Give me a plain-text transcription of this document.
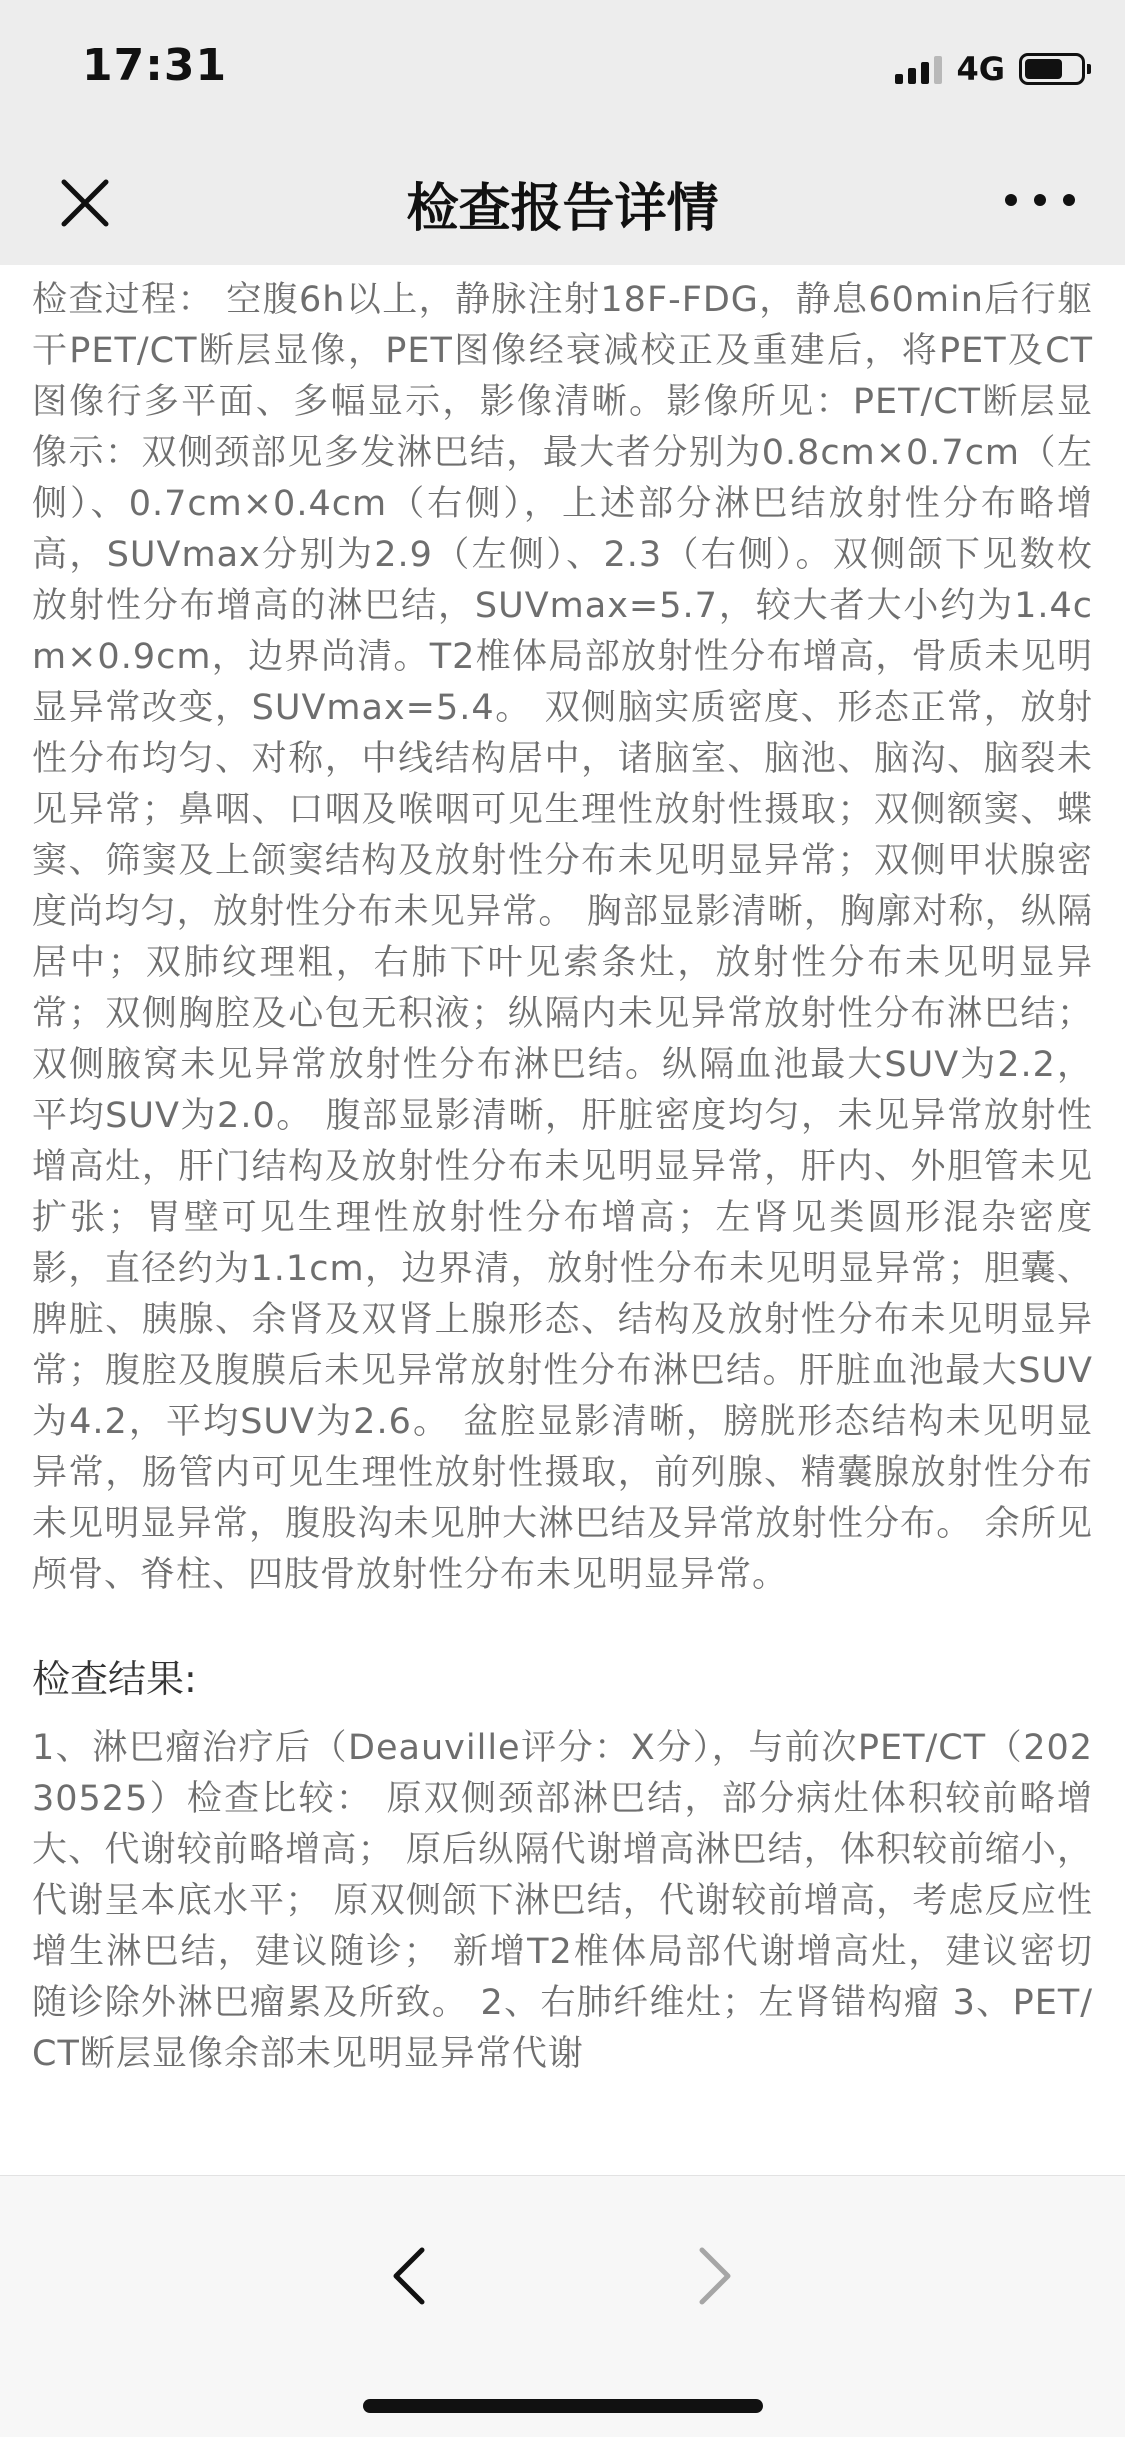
17:31	4G
检查报告详情

检查过程： 空腹6h以上，静脉注射18F-FDG，静息60min后行躯干PET/CT断层显像，PET图像经衰减校正及重建后，将PET及CT图像行多平面、多幅显示，影像清晰。影像所见：PET/CT断层显像示：双侧颈部见多发淋巴结，最大者分别为0.8cm×0.7cm（左侧）、0.7cm×0.4cm（右侧），上述部分淋巴结放射性分布略增高，SUVmax分别为2.9（左侧）、2.3（右侧）。双侧颌下见数枚放射性分布增高的淋巴结，SUVmax=5.7，较大者大小约为1.4cm×0.9cm，边界尚清。T2椎体局部放射性分布增高，骨质未见明显异常改变，SUVmax=5.4。 双侧脑实质密度、形态正常，放射性分布均匀、对称，中线结构居中，诸脑室、脑池、脑沟、脑裂未见异常；鼻咽、口咽及喉咽可见生理性放射性摄取；双侧额窦、蝶窦、筛窦及上颌窦结构及放射性分布未见明显异常；双侧甲状腺密度尚均匀，放射性分布未见异常。 胸部显影清晰，胸廓对称，纵隔居中；双肺纹理粗，右肺下叶见索条灶，放射性分布未见明显异常；双侧胸腔及心包无积液；纵隔内未见异常放射性分布淋巴结；双侧腋窝未见异常放射性分布淋巴结。纵隔血池最大SUV为2.2，平均SUV为2.0。 腹部显影清晰，肝脏密度均匀，未见异常放射性增高灶，肝门结构及放射性分布未见明显异常，肝内、外胆管未见扩张；胃壁可见生理性放射性分布增高；左肾见类圆形混杂密度影，直径约为1.1cm，边界清，放射性分布未见明显异常；胆囊、脾脏、胰腺、余肾及双肾上腺形态、结构及放射性分布未见明显异常；腹腔及腹膜后未见异常放射性分布淋巴结。肝脏血池最大SUV为4.2，平均SUV为2.6。 盆腔显影清晰，膀胱形态结构未见明显异常，肠管内可见生理性放射性摄取，前列腺、精囊腺放射性分布未见明显异常，腹股沟未见肿大淋巴结及异常放射性分布。 余所见颅骨、脊柱、四肢骨放射性分布未见明显异常。

检查结果:

1、淋巴瘤治疗后（Deauville评分：X分），与前次PET/CT（20230525）检查比较： 原双侧颈部淋巴结，部分病灶体积较前略增大、代谢较前略增高； 原后纵隔代谢增高淋巴结，体积较前缩小，代谢呈本底水平； 原双侧颌下淋巴结，代谢较前增高，考虑反应性增生淋巴结，建议随诊； 新增T2椎体局部代谢增高灶，建议密切随诊除外淋巴瘤累及所致。 2、右肺纤维灶；左肾错构瘤 3、PET/CT断层显像余部未见明显异常代谢
